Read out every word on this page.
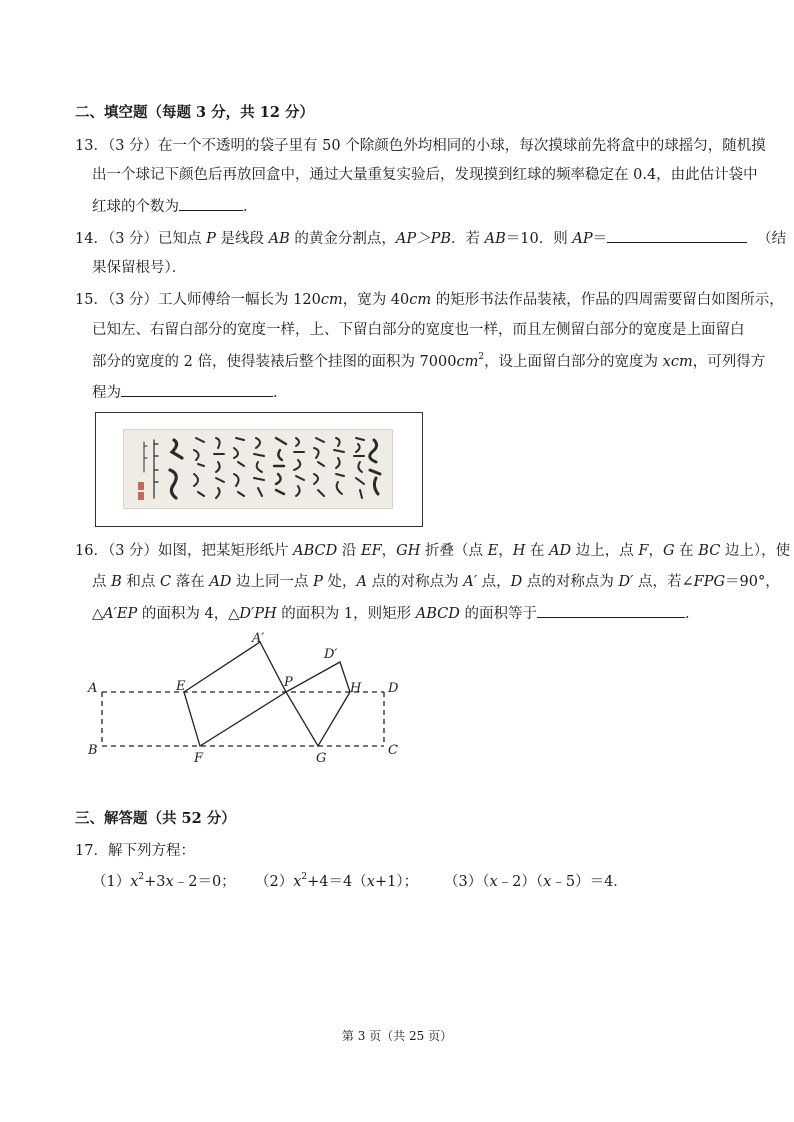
二、填空题（每题 3 分，共 12 分）
13．（3 分）在一个不透明的袋子里有 50 个除颜色外均相同的小球，每次摸球前先将盒中的球摇匀，随机摸
出一个球记下颜色后再放回盒中，通过大量重复实验后，发现摸到红球的频率稳定在 0.4，由此估计袋中
红球的个数为	．
14．（3 分）已知点 P 是线段 AB 的黄金分割点，AP＞PB．若 AB＝10．则 AP＝	（结
果保留根号）．
15．（3 分）工人师傅给一幅长为 120cm，宽为 40cm 的矩形书法作品装裱，作品的四周需要留白如图所示，
已知左、右留白部分的宽度一样，上、下留白部分的宽度也一样，而且左侧留白部分的宽度是上面留白
部分的宽度的 2 倍，使得装裱后整个挂图的面积为 $7000cm^2$，设上面留白部分的宽度为 xcm，可列得方
程为	．
16．（3 分）如图，把某矩形纸片 ABCD 沿 EF，GH 折叠（点 E，H 在 AD 边上，点 F，G 在 BC 边上），使
点 B 和点 C 落在 AD 边上同一点 P 处，A 点的对称点为 A′ 点，D 点的对称点为 D′ 点，若∠FPG＝90°，
△A′EP 的面积为 4，△D′PH 的面积为 1，则矩形 ABCD 的面积等于	．
A
B	C
D
E
F	G
H
P
A′
D′
三、解答题（共 52 分）
17．解下列方程：
$(1)x^2+3x﹣2=0$； $(2)x^2+4=4(x+1)$； （3）（x﹣2）（x﹣5）＝4．
第 3 页（共 25 页）
